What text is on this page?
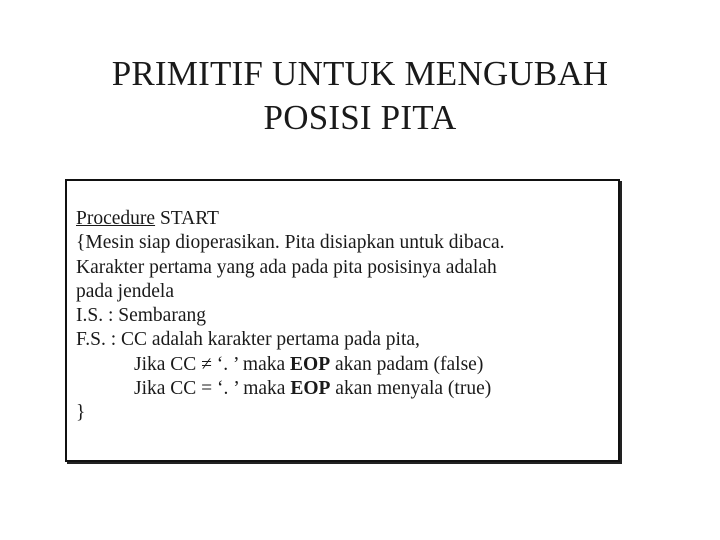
PRIMITIF UNTUK MENGUBAH
POSISI PITA
Procedure START
{Mesin siap dioperasikan. Pita disiapkan untuk dibaca.
Karakter pertama yang ada pada pita posisinya adalah
pada jendela
I.S. : Sembarang
F.S. : CC adalah karakter pertama pada pita,
Jika CC ≠ ‘. ’ maka EOP akan padam (false)
Jika CC = ‘. ’ maka EOP akan menyala (true)
}
